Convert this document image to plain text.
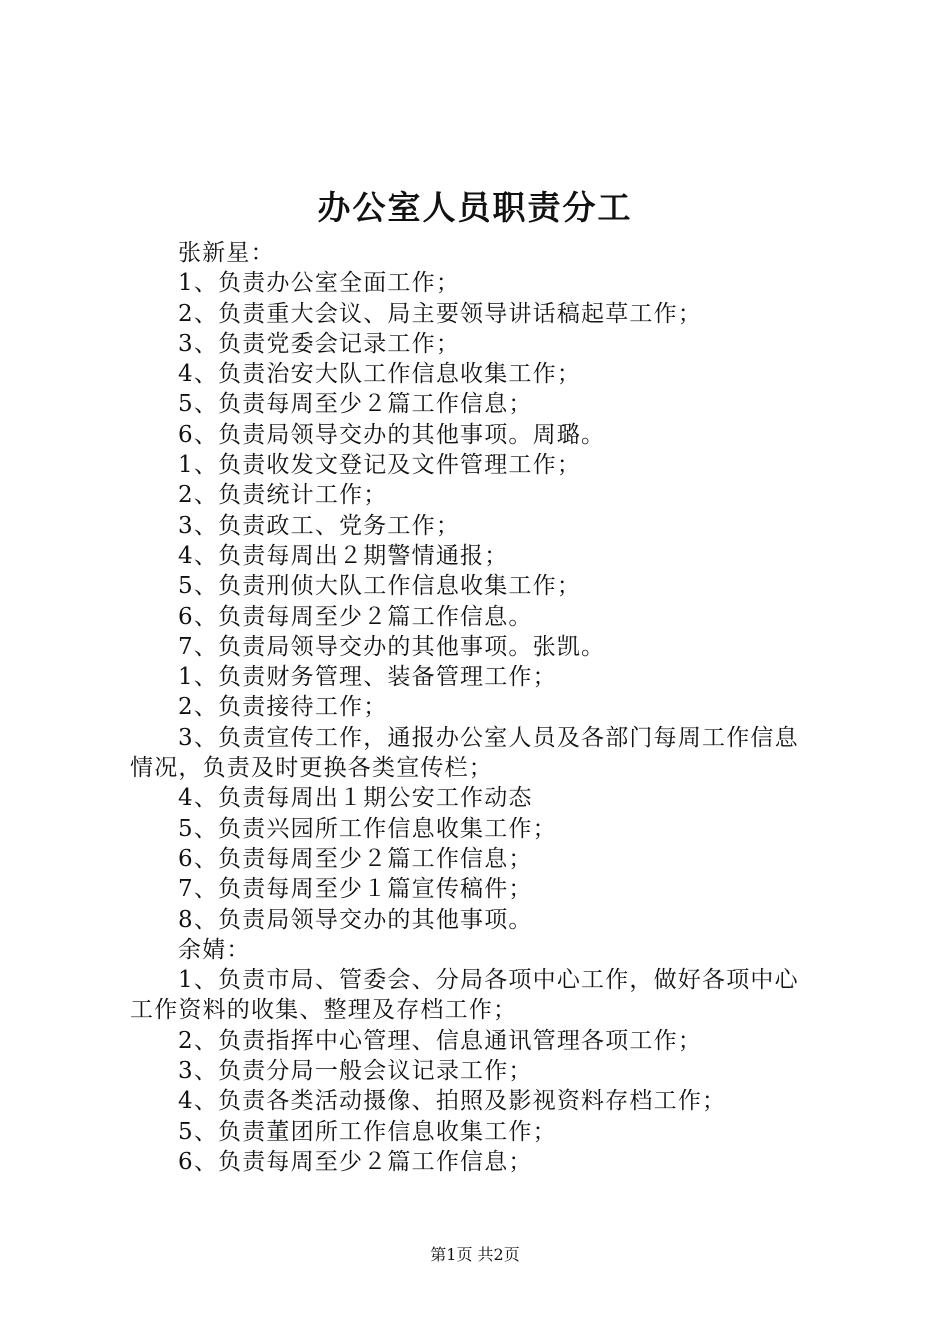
办公室人员职责分工
张新星：
1、负责办公室全面工作；
2、负责重大会议、局主要领导讲话稿起草工作；
3、负责党委会记录工作；
4、负责治安大队工作信息收集工作；
5、负责每周至少２篇工作信息；
6、负责局领导交办的其他事项。周璐。
1、负责收发文登记及文件管理工作；
2、负责统计工作；
3、负责政工、党务工作；
4、负责每周出２期警情通报；
5、负责刑侦大队工作信息收集工作；
6、负责每周至少２篇工作信息。
7、负责局领导交办的其他事项。张凯。
1、负责财务管理、装备管理工作；
2、负责接待工作；
3、负责宣传工作，通报办公室人员及各部门每周工作信息
情况，负责及时更换各类宣传栏；
4、负责每周出１期公安工作动态
5、负责兴园所工作信息收集工作；
6、负责每周至少２篇工作信息；
7、负责每周至少１篇宣传稿件；
8、负责局领导交办的其他事项。
余婧：
1、负责市局、管委会、分局各项中心工作，做好各项中心
工作资料的收集、整理及存档工作；
2、负责指挥中心管理、信息通讯管理各项工作；
3、负责分局一般会议记录工作；
4、负责各类活动摄像、拍照及影视资料存档工作；
5、负责董团所工作信息收集工作；
6、负责每周至少２篇工作信息；
第1页 共2页
